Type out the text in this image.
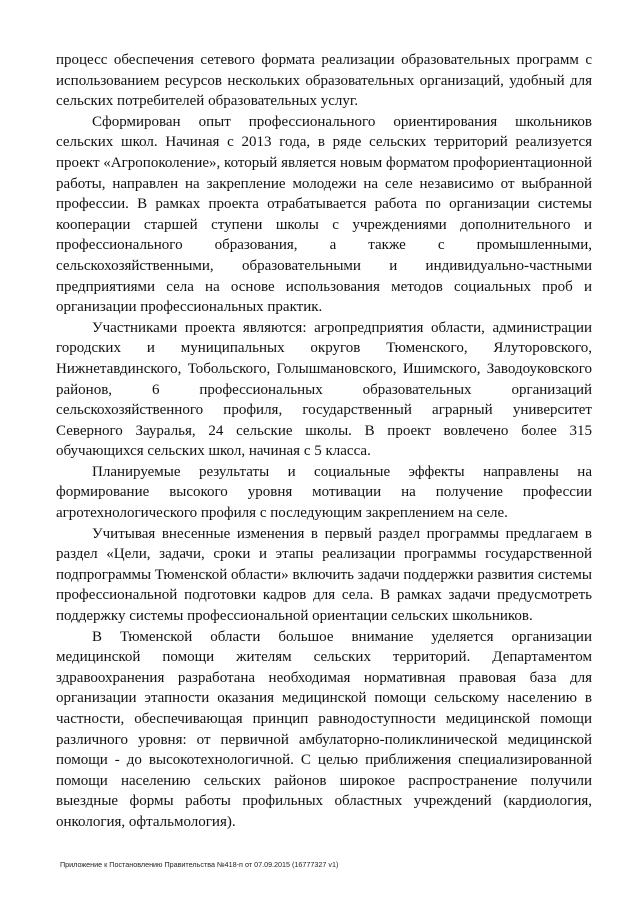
процесс обеспечения сетевого формата реализации образовательных программ с использованием ресурсов нескольких образовательных организаций, удобный для сельских потребителей образовательных услуг.

Сформирован опыт профессионального ориентирования школьников сельских школ. Начиная с 2013 года, в ряде сельских территорий реализуется проект «Агропоколение», который является новым форматом профориентационной работы, направлен на закрепление молодежи на селе независимо от выбранной профессии. В рамках проекта отрабатывается работа по организации системы кооперации старшей ступени школы с учреждениями дополнительного и профессионального образования, а также с промышленными, сельскохозяйственными, образовательными и индивидуально-частными предприятиями села на основе использования методов социальных проб и организации профессиональных практик.

Участниками проекта являются: агропредприятия области, администрации городских и муниципальных округов Тюменского, Ялуторовского, Нижнетавдинского, Тобольского, Голышмановского, Ишимского, Заводоуковского районов, 6 профессиональных образовательных организаций сельскохозяйственного профиля, государственный аграрный университет Северного Зауралья, 24 сельские школы. В проект вовлечено более 315 обучающихся сельских школ, начиная с 5 класса.

Планируемые результаты и социальные эффекты направлены на формирование высокого уровня мотивации на получение профессии агротехнологического профиля с последующим закреплением на селе.

Учитывая внесенные изменения в первый раздел программы предлагаем в раздел «Цели, задачи, сроки и этапы реализации программы государственной подпрограммы Тюменской области» включить задачи поддержки развития системы профессиональной подготовки кадров для села. В рамках задачи предусмотреть поддержку системы профессиональной ориентации сельских школьников.

В Тюменской области большое внимание уделяется организации медицинской помощи жителям сельских территорий. Департаментом здравоохранения разработана необходимая нормативная правовая база для организации этапности оказания медицинской помощи сельскому населению в частности, обеспечивающая принцип равнодоступности медицинской помощи различного уровня: от первичной амбулаторно-поликлинической медицинской помощи - до высокотехнологичной. С целью приближения специализированной помощи населению сельских районов широкое распространение получили выездные формы работы профильных областных учреждений (кардиология, онкология, офтальмология).

Приложение к Постановлению Правительства №418-п от 07.09.2015 (16777327 v1)
